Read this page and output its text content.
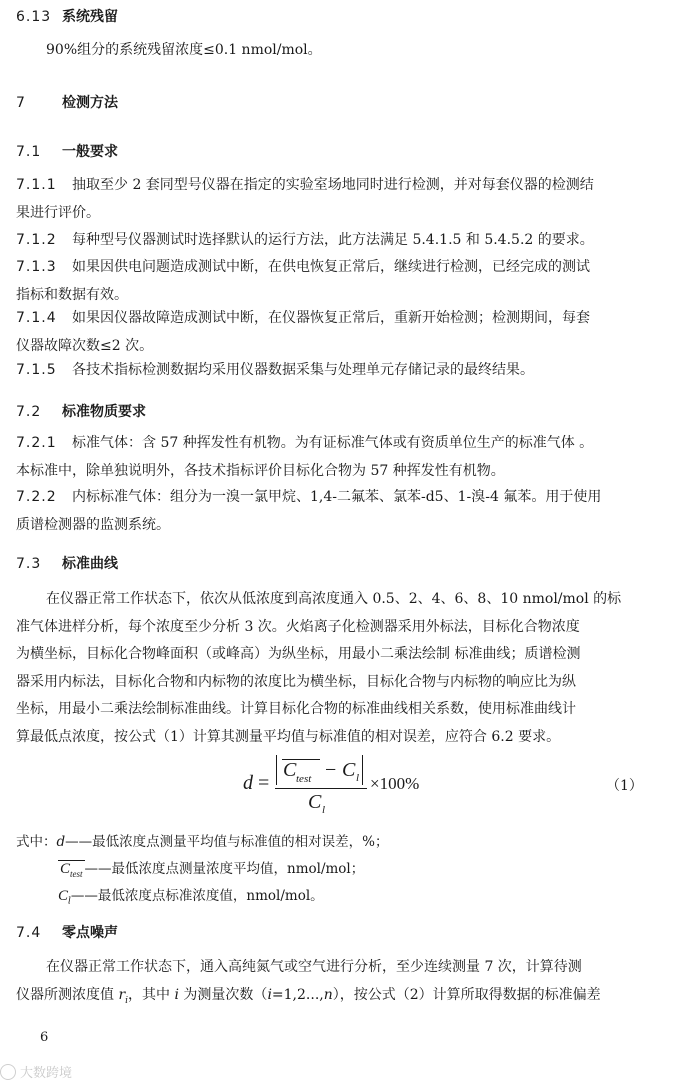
6.13 系统残留
90%组分的系统残留浓度≤0.1 nmol/mol。
7	检测方法
7.1 一般要求
7.1.1 抽取至少 2 套同型号仪器在指定的实验室场地同时进行检测，并对每套仪器的检测结
果进行评价。
7.1.2 每种型号仪器测试时选择默认的运行方法，此方法满足 5.4.1.5 和 5.4.5.2 的要求。
7.1.3 如果因供电问题造成测试中断，在供电恢复正常后，继续进行检测，已经完成的测试
指标和数据有效。
7.1.4 如果因仪器故障造成测试中断，在仪器恢复正常后，重新开始检测；检测期间，每套
仪器故障次数≤2 次。
7.1.5 各技术指标检测数据均采用仪器数据采集与处理单元存储记录的最终结果。
7.2 标准物质要求
7.2.1 标准气体：含 57 种挥发性有机物。为有证标准气体或有资质单位生产的标准气体 。
本标准中，除单独说明外，各技术指标评价目标化合物为 57 种挥发性有机物。
7.2.2 内标标准气体：组分为一溴一氯甲烷、1,4-二氟苯、氯苯-d5、1-溴-4 氟苯。用于使用
质谱检测器的监测系统。
7.3 标准曲线
在仪器正常工作状态下，依次从低浓度到高浓度通入 0.5、2、4、6、8、10 nmol/mol 的标
准气体进样分析，每个浓度至少分析 3 次。火焰离子化检测器采用外标法，目标化合物浓度
为横坐标，目标化合物峰面积（或峰高）为纵坐标，用最小二乘法绘制 标准曲线；质谱检测
器采用内标法，目标化合物和内标物的浓度比为横坐标，目标化合物与内标物的响应比为纵
坐标，用最小二乘法绘制标准曲线。计算目标化合物的标准曲线相关系数，使用标准曲线计
算最低点浓度，按公式（1）计算其测量平均值与标准值的相对误差，应符合 6.2 要求。
d =
C test − C l
C l
×100%	（1）
式中：d——最低浓度点测量平均值与标准值的相对误差，%；
$C_{test}$ ——最低浓度点测量浓度平均值，nmol/mol；
$C_l——$最低浓度点标准浓度值，nmol/mol。
7.4 零点噪声
在仪器正常工作状态下，通入高纯氮气或空气进行分析，至少连续测量 7 次，计算待测
仪器所测浓度值 $r_i$，其中 i 为测量次数（i=1,2...,n），按公式（2）计算所取得数据的标准偏差
6
大数跨境
